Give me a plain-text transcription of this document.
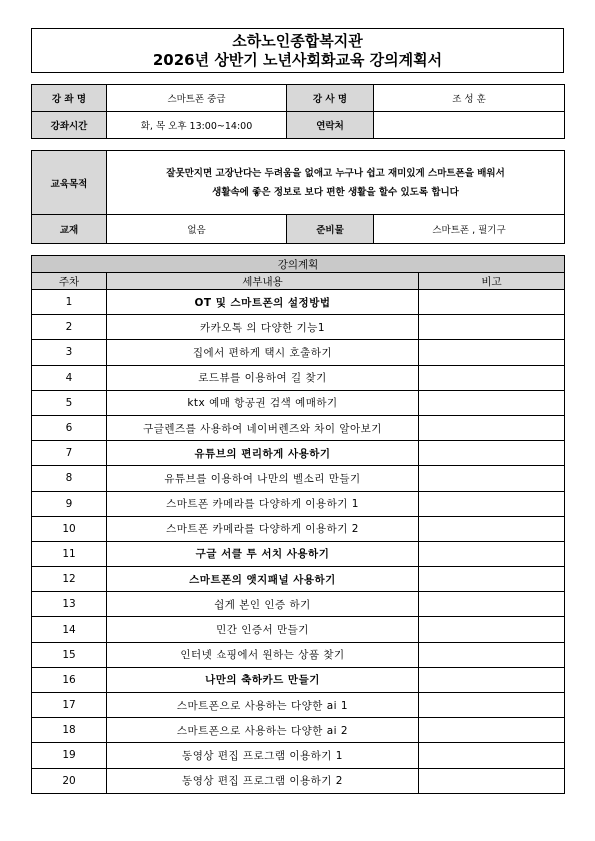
소하노인종합복지관
2026년 상반기 노년사회화교육 강의계획서
강 좌 명	스마트폰 중급	강 사 명	조 성 훈
강좌시간	화, 목 오후 13:00~14:00	연락처	
교육목적	잘못만지면 고장난다는 두려움을 없애고 누구나 쉽고 재미있게 스마트폰을 배워서
생활속에 좋은 정보로 보다 편한 생활을 할수 있도록 합니다		

교재	없음	준비물	스마트폰 , 필기구
강의계획		
주차	세부내용	비고
1	OT 및 스마트폰의 설정방법	
2	카카오톡 의 다양한 기능1	
3	집에서 편하게 택시 호출하기	
4	로드뷰를 이용하여 길 찾기	
5	ktx 예매 항공권 검색 예매하기	
6	구글렌즈를 사용하여 네이버렌즈와 차이 알아보기	
7	유튜브의 편리하게 사용하기	
8	유튜브를 이용하여 나만의 벨소리 만들기	
9	스마트폰 카메라를 다양하게 이용하기 1	
10	스마트폰 카메라를 다양하게 이용하기 2	
11	구글 서클 투 서치 사용하기	
12	스마트폰의 앳지패널 사용하기	
13	쉽게 본인 인증 하기	
14	민간 인증서 만들기	
15	인터넷 쇼핑에서 원하는 상품 찾기	
16	나만의 축하카드 만들기	
17	스마트폰으로 사용하는 다양한 ai 1	
18	스마트폰으로 사용하는 다양한 ai 2	
19	동영상 편집 프로그램 이용하기 1	
20	동영상 편집 프로그램 이용하기 2	
